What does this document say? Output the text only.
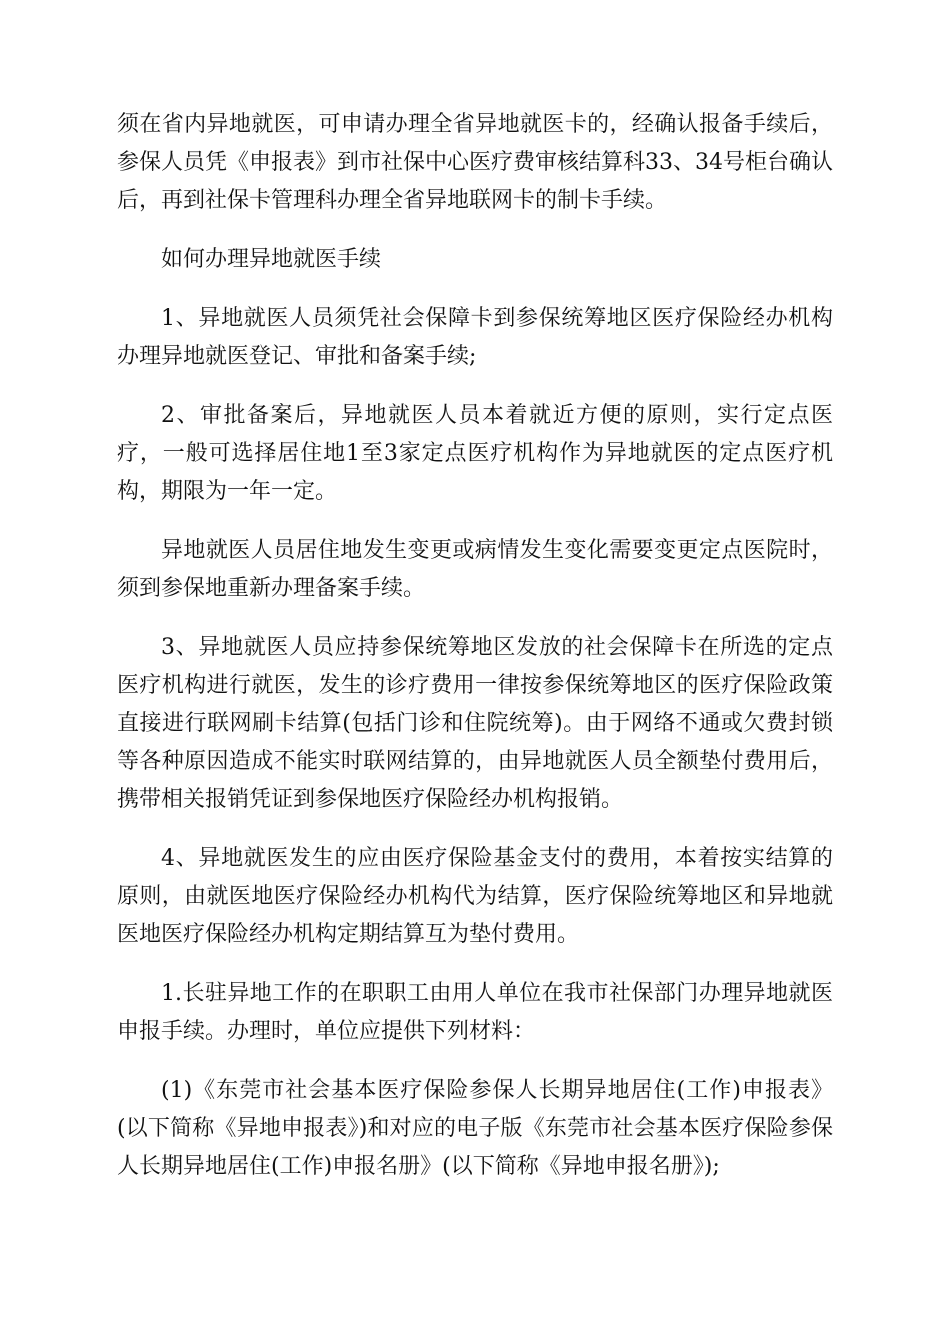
须在省内异地就医，可申请办理全省异地就医卡的，经确认报备手续后，参保人员凭《申报表》到市社保中心医疗费审核结算科33、34号柜台确认后，再到社保卡管理科办理全省异地联网卡的制卡手续。

如何办理异地就医手续

1、异地就医人员须凭社会保障卡到参保统筹地区医疗保险经办机构办理异地就医登记、审批和备案手续;

2、审批备案后，异地就医人员本着就近方便的原则，实行定点医疗，一般可选择居住地1至3家定点医疗机构作为异地就医的定点医疗机构，期限为一年一定。

异地就医人员居住地发生变更或病情发生变化需要变更定点医院时，须到参保地重新办理备案手续。

3、异地就医人员应持参保统筹地区发放的社会保障卡在所选的定点医疗机构进行就医，发生的诊疗费用一律按参保统筹地区的医疗保险政策直接进行联网刷卡结算(包括门诊和住院统筹)。由于网络不通或欠费封锁等各种原因造成不能实时联网结算的，由异地就医人员全额垫付费用后，携带相关报销凭证到参保地医疗保险经办机构报销。

4、异地就医发生的应由医疗保险基金支付的费用，本着按实结算的原则，由就医地医疗保险经办机构代为结算，医疗保险统筹地区和异地就医地医疗保险经办机构定期结算互为垫付费用。

1.长驻异地工作的在职职工由用人单位在我市社保部门办理异地就医申报手续。办理时，单位应提供下列材料：

(1)《东莞市社会基本医疗保险参保人长期异地居住(工作)申报表》(以下简称《异地申报表》)和对应的电子版《东莞市社会基本医疗保险参保人长期异地居住(工作)申报名册》(以下简称《异地申报名册》);
